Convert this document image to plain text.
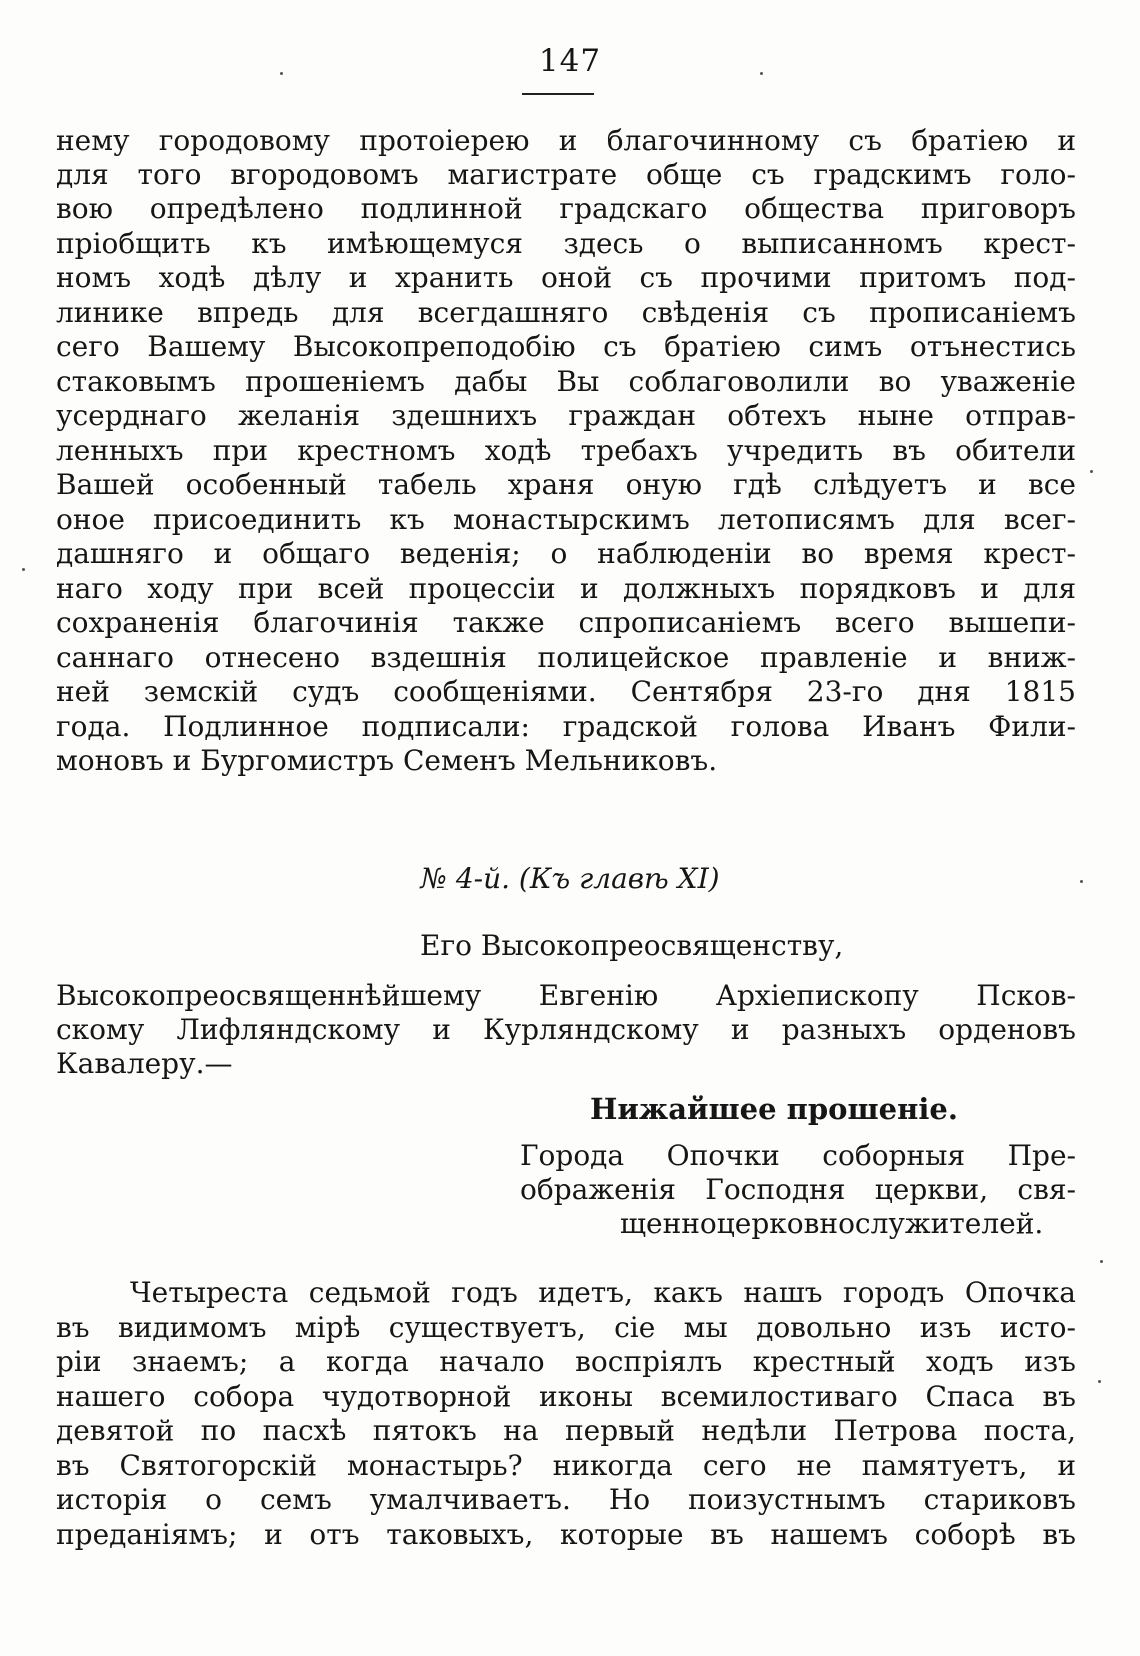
147
нему городовому протоіерею и благочинному съ братіею и
для того вгородовомъ магистрате обще съ градскимъ голо-
вою опредѣлено подлинной градскаго общества приговоръ
пріобщить къ имѣющемуся здесь о выписанномъ крест-
номъ ходѣ дѣлу и хранить оной съ прочими притомъ под-
линике впредь для всегдашняго свѣденія съ прописаніемъ
сего Вашему Высокопреподобію съ братіею симъ отънестись
стаковымъ прошеніемъ дабы Вы соблаговолили во уваженіе
усерднаго желанія здешнихъ граждан обтехъ ныне отправ-
ленныхъ при крестномъ ходѣ требахъ учредить въ обители
Вашей особенный табель храня оную гдѣ слѣдуетъ и все
оное присоединить къ монастырскимъ летописямъ для всег-
дашняго и общаго веденія; о наблюденіи во время крест-
наго ходу при всей процессіи и должныхъ порядковъ и для
сохраненія благочинія также спрописаніемъ всего вышепи-
саннаго отнесено вздешнія полицейское правленіе и вниж-
ней земскій судъ сообщеніями. Сентября 23-го дня 1815
года. Подлинное подписали: градской голова Иванъ Фили-
моновъ и Бургомистръ Семенъ Мельниковъ.
№ 4-й. (Къ главѣ XI)
Его Высокопреосвященству,
Высокопреосвященнѣйшему Евгенію Архіепископу Псков-
скому Лифляндскому и Курляндскому и разныхъ орденовъ
Кавалеру.—
Нижайшее прошеніе.
Города Опочки соборныя Пре-
ображенія Господня церкви, свя-
щенноцерковнослужителей.
Четыреста седьмой годъ идетъ, какъ нашъ городъ Опочка
въ видимомъ мірѣ существуетъ, сіе мы довольно изъ исто-
ріи знаемъ; а когда начало воспріялъ крестный ходъ изъ
нашего собора чудотворной иконы всемилостиваго Спаса въ
девятой по пасхѣ пятокъ на первый недѣли Петрова поста,
въ Святогорскій монастырь? никогда сего не памятуетъ, и
исторія о семъ умалчиваетъ. Но поизустнымъ стариковъ
преданіямъ; и отъ таковыхъ, которые въ нашемъ соборѣ въ
